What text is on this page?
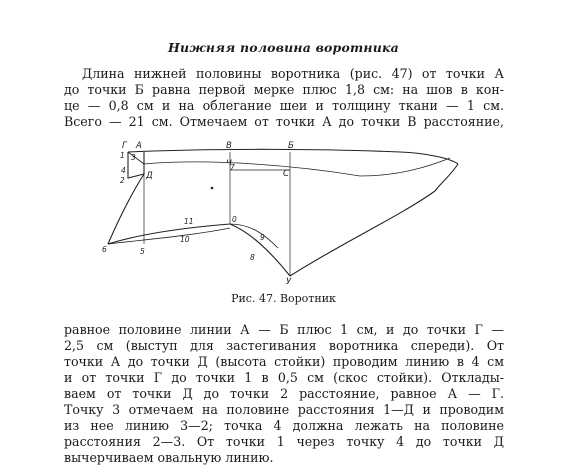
Нижняя половина воротника
Длина нижней половины воротника (рис. 47) от точки А
до точки Б равна первой мерке плюс 1,8 см: на шов в кон-
це — 0,8 см и на облегание шеи и толщину ткани — 1 см.
Всего — 21 см. Отмечаем от точки А до точки В расстояние,
Г А	В	Б
Д
Ч
С
У
1
2
3
4
5
6
7
8
9
10
11	0
Рис. 47. Воротник
равное половине линии А — Б плюс 1 см, и до точки Г —
2,5 см (выступ для застегивания воротника спереди). От
точки А до точки Д (высота стойки) проводим линию в 4 см
и от точки Г до точки 1 в 0,5 см (скос стойки). Отклады-
ваем от точки Д до точки 2 расстояние, равное А — Г.
Точку 3 отмечаем на половине расстояния 1—Д и проводим
из нее линию 3—2; точка 4 должна лежать на половине
расстояния 2—3. От точки 1 через точку 4 до точки Д
вычерчиваем овальную линию.
